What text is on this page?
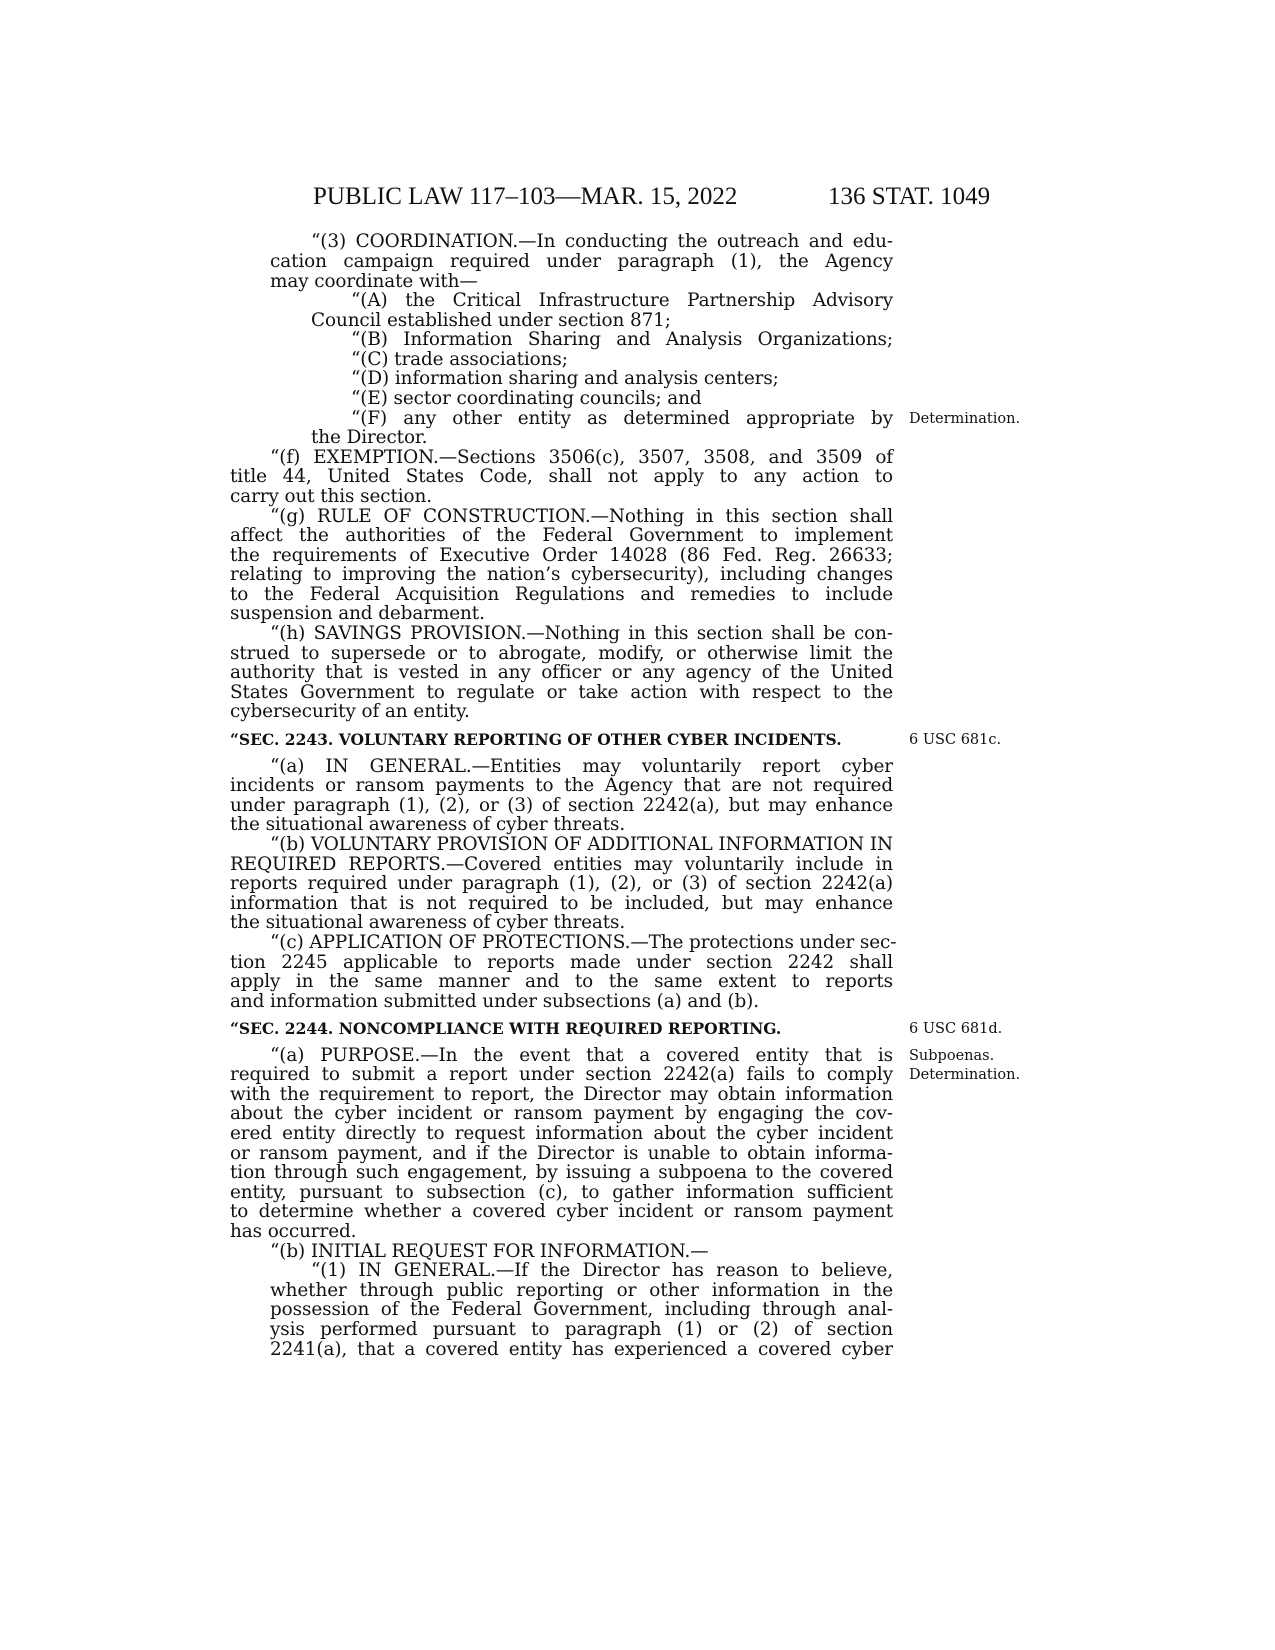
PUBLIC LAW 117–103—MAR. 15, 2022	136 STAT. 1049
“(3) COORDINATION.—In conducting the outreach and edu-
cation campaign required under paragraph (1), the Agency
may coordinate with—
“(A) the Critical Infrastructure Partnership Advisory
Council established under section 871;
“(B) Information Sharing and Analysis Organizations;
“(C) trade associations;
“(D) information sharing and analysis centers;
“(E) sector coordinating councils; and
“(F) any other entity as determined appropriate by
the Director.
“(f) EXEMPTION.—Sections 3506(c), 3507, 3508, and 3509 of
title 44, United States Code, shall not apply to any action to
carry out this section.
“(g) RULE OF CONSTRUCTION.—Nothing in this section shall
affect the authorities of the Federal Government to implement
the requirements of Executive Order 14028 (86 Fed. Reg. 26633;
relating to improving the nation’s cybersecurity), including changes
to the Federal Acquisition Regulations and remedies to include
suspension and debarment.
“(h) SAVINGS PROVISION.—Nothing in this section shall be con-
strued to supersede or to abrogate, modify, or otherwise limit the
authority that is vested in any officer or any agency of the United
States Government to regulate or take action with respect to the
cybersecurity of an entity.
“SEC. 2243. VOLUNTARY REPORTING OF OTHER CYBER INCIDENTS.
“(a) IN GENERAL.—Entities may voluntarily report cyber
incidents or ransom payments to the Agency that are not required
under paragraph (1), (2), or (3) of section 2242(a), but may enhance
the situational awareness of cyber threats.
“(b) VOLUNTARY PROVISION OF ADDITIONAL INFORMATION IN
REQUIRED REPORTS.—Covered entities may voluntarily include in
reports required under paragraph (1), (2), or (3) of section 2242(a)
information that is not required to be included, but may enhance
the situational awareness of cyber threats.
“(c) APPLICATION OF PROTECTIONS.—The protections under sec-
tion 2245 applicable to reports made under section 2242 shall
apply in the same manner and to the same extent to reports
and information submitted under subsections (a) and (b).
“SEC. 2244. NONCOMPLIANCE WITH REQUIRED REPORTING.
“(a) PURPOSE.—In the event that a covered entity that is
required to submit a report under section 2242(a) fails to comply
with the requirement to report, the Director may obtain information
about the cyber incident or ransom payment by engaging the cov-
ered entity directly to request information about the cyber incident
or ransom payment, and if the Director is unable to obtain informa-
tion through such engagement, by issuing a subpoena to the covered
entity, pursuant to subsection (c), to gather information sufficient
to determine whether a covered cyber incident or ransom payment
has occurred.
“(b) INITIAL REQUEST FOR INFORMATION.—
“(1) IN GENERAL.—If the Director has reason to believe,
whether through public reporting or other information in the
possession of the Federal Government, including through anal-
ysis performed pursuant to paragraph (1) or (2) of section
2241(a), that a covered entity has experienced a covered cyber
Determination.
6 USC 681c.
6 USC 681d.
Subpoenas.
Determination.
